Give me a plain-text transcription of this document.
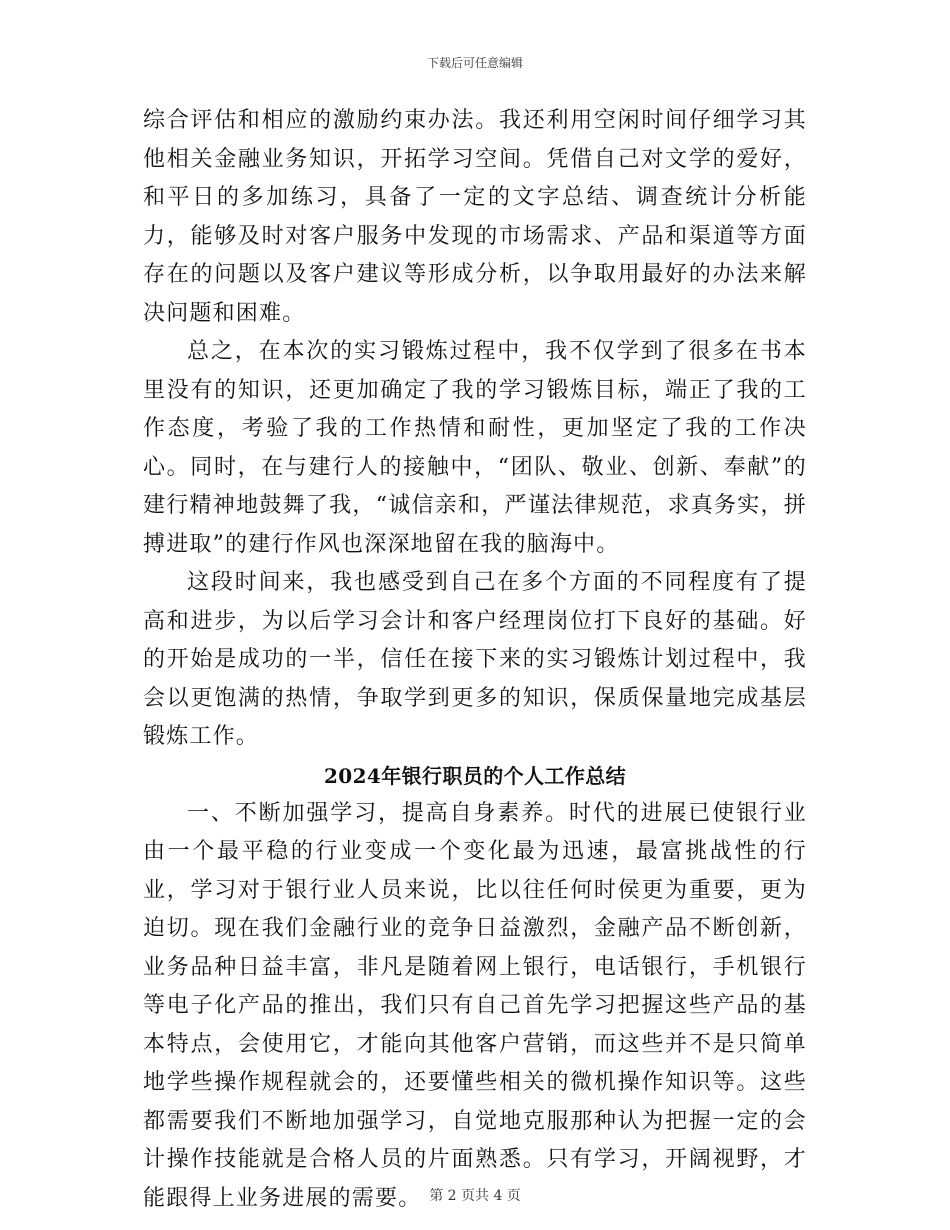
下载后可任意编辑

综合评估和相应的激励约束办法。我还利用空闲时间仔细学习其他相关金融业务知识，开拓学习空间。凭借自己对文学的爱好，和平日的多加练习，具备了一定的文字总结、调查统计分析能力，能够及时对客户服务中发现的市场需求、产品和渠道等方面存在的问题以及客户建议等形成分析，以争取用最好的办法来解决问题和困难。

总之，在本次的实习锻炼过程中，我不仅学到了很多在书本里没有的知识，还更加确定了我的学习锻炼目标，端正了我的工作态度，考验了我的工作热情和耐性，更加坚定了我的工作决心。同时，在与建行人的接触中，“团队、敬业、创新、奉献”的建行精神地鼓舞了我，“诚信亲和，严谨法律规范，求真务实，拼搏进取”的建行作风也深深地留在我的脑海中。

这段时间来，我也感受到自己在多个方面的不同程度有了提高和进步，为以后学习会计和客户经理岗位打下良好的基础。好的开始是成功的一半，信任在接下来的实习锻炼计划过程中，我会以更饱满的热情，争取学到更多的知识，保质保量地完成基层锻炼工作。

2024年银行职员的个人工作总结

一、不断加强学习，提高自身素养。时代的进展已使银行业由一个最平稳的行业变成一个变化最为迅速，最富挑战性的行业，学习对于银行业人员来说，比以往任何时侯更为重要，更为迫切。现在我们金融行业的竞争日益激烈，金融产品不断创新，业务品种日益丰富，非凡是随着网上银行，电话银行，手机银行等电子化产品的推出，我们只有自己首先学习把握这些产品的基本特点，会使用它，才能向其他客户营销，而这些并不是只简单地学些操作规程就会的，还要懂些相关的微机操作知识等。这些都需要我们不断地加强学习，自觉地克服那种认为把握一定的会计操作技能就是合格人员的片面熟悉。只有学习，开阔视野，才能跟得上业务进展的需要。 第 2 页共 4 页
